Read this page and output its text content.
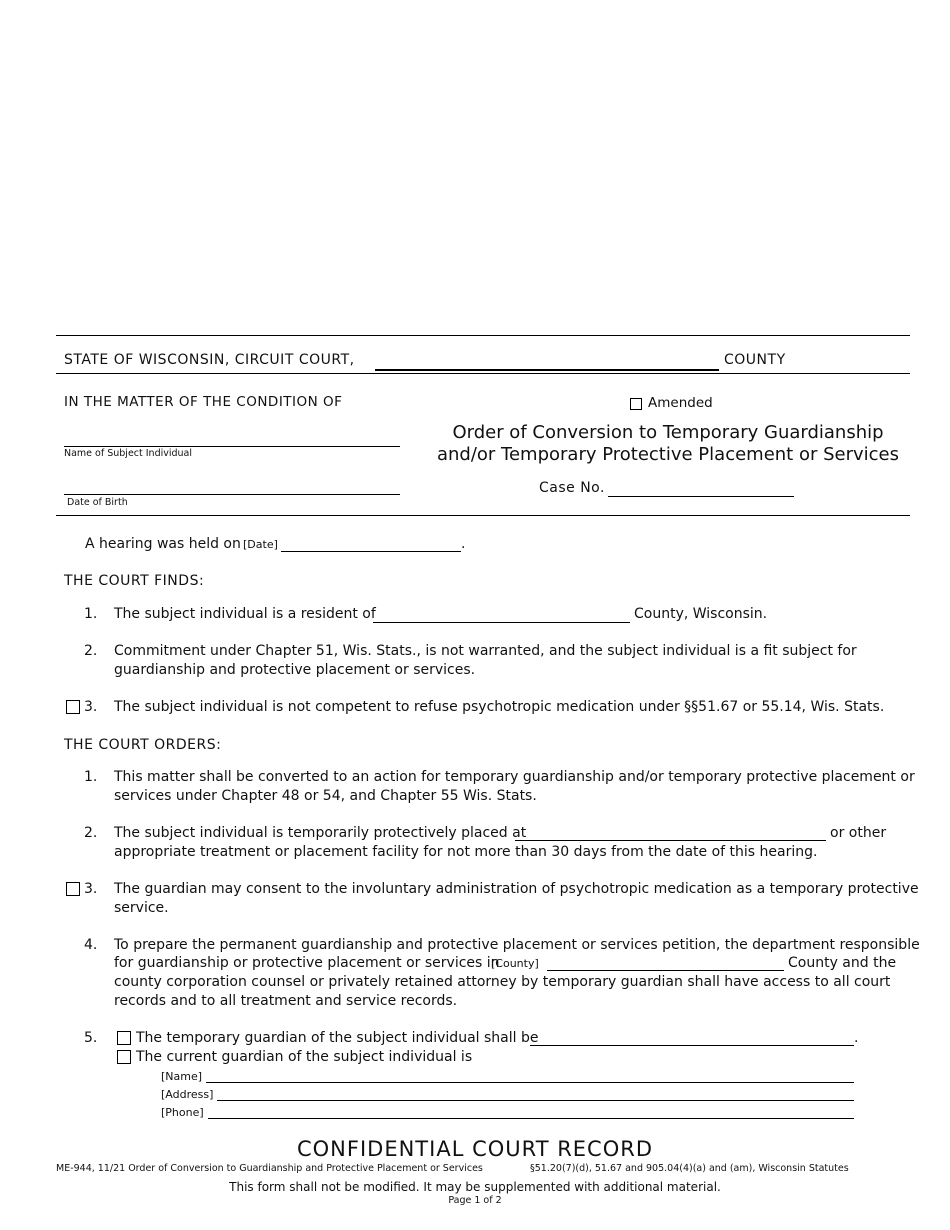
STATE OF WISCONSIN, CIRCUIT COURT,	COUNTY
IN THE MATTER OF THE CONDITION OF	Amended
Order of Conversion to Temporary Guardianship
and/or Temporary Protective Placement or Services
Name of Subject Individual
Case No.
Date of Birth
A hearing was held on [Date]	.
THE COURT FINDS:
1. The subject individual is a resident of	County, Wisconsin.
2. Commitment under Chapter 51, Wis. Stats., is not warranted, and the subject individual is a fit subject for
guardianship and protective placement or services.
3. The subject individual is not competent to refuse psychotropic medication under §§51.67 or 55.14, Wis. Stats.
THE COURT ORDERS:
1. This matter shall be converted to an action for temporary guardianship and/or temporary protective placement or
services under Chapter 48 or 54, and Chapter 55 Wis. Stats.
2. The subject individual is temporarily protectively placed at	or other
appropriate treatment or placement facility for not more than 30 days from the date of this hearing.
3. The guardian may consent to the involuntary administration of psychotropic medication as a temporary protective
service.
4. To prepare the permanent guardianship and protective placement or services petition, the department responsible
for guardianship or protective placement or services in
[County]	County and the
county corporation counsel or privately retained attorney by temporary guardian shall have access to all court
records and to all treatment and service records.
5.	The temporary guardian of the subject individual shall be	.
The current guardian of the subject individual is
[Name]
[Address]
[Phone]
CONFIDENTIAL COURT RECORD
ME-944, 11/21 Order of Conversion to Guardianship and Protective Placement or Services	§51.20(7)(d), 51.67 and 905.04(4)(a) and (am), Wisconsin Statutes
This form shall not be modified. It may be supplemented with additional material.
Page 1 of 2
